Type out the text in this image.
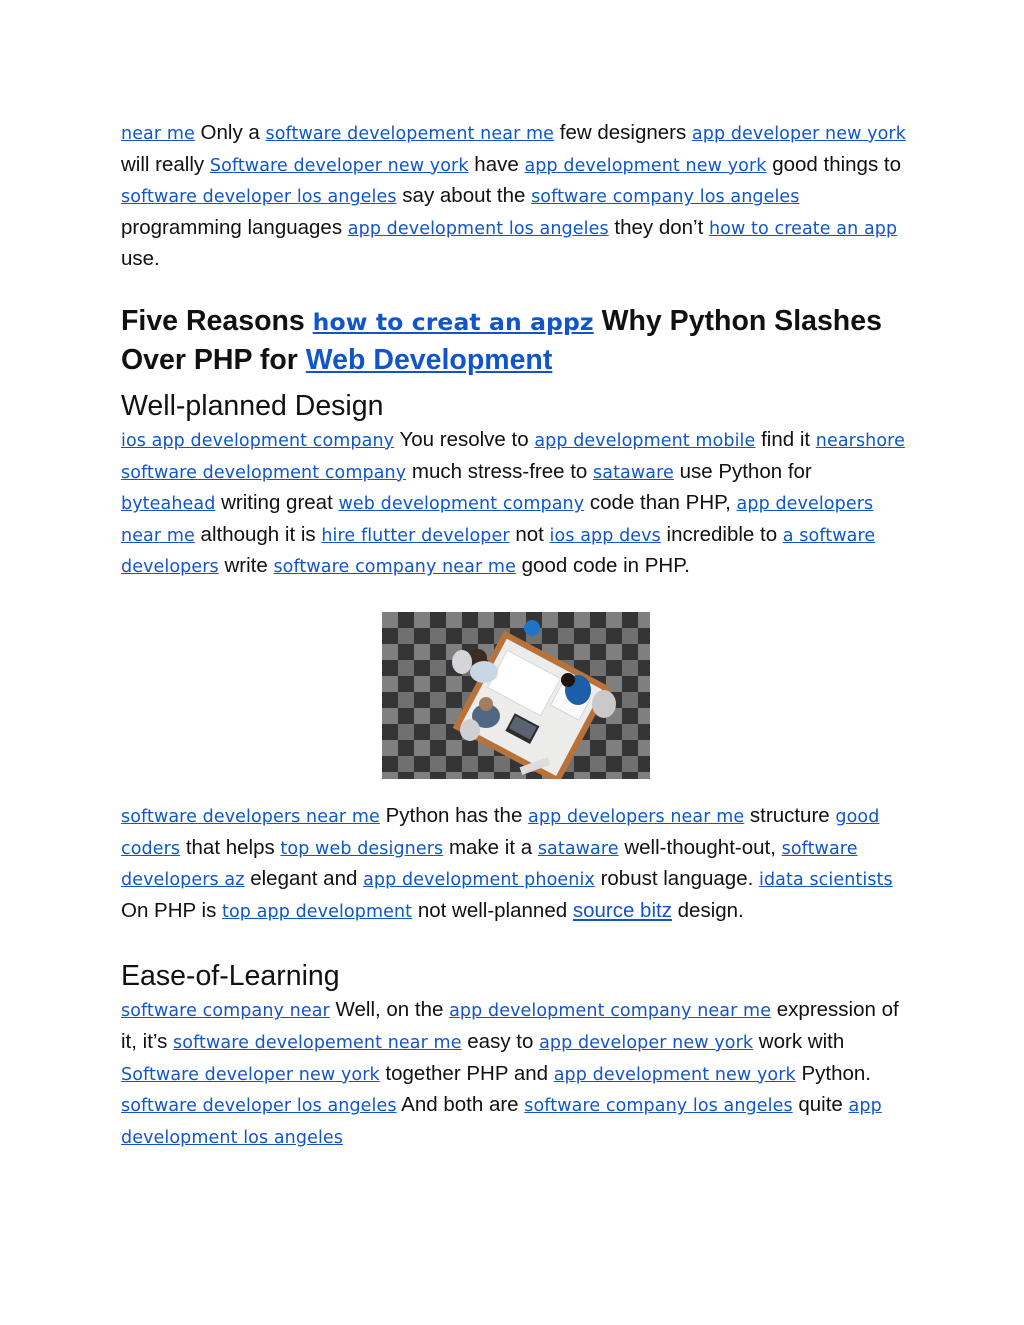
near me Only a software developement near me few designers app developer new york will really Software developer new york have app development new york good things to software developer los angeles say about the software company los angeles programming languages app development los angeles they don’t how to create an app use.

Five Reasons how to creat an appz Why Python Slashes Over PHP for Web Development
Well-planned Design

ios app development company You resolve to app development mobile find it nearshore software development company much stress-free to sataware use Python for byteahead writing great web development company code than PHP, app developers near me although it is hire flutter developer not ios app devs incredible to a software developers write software company near me good code in PHP.

software developers near me Python has the app developers near me structure good coders that helps top web designers make it a sataware well-thought-out, software developers az elegant and app development phoenix robust language. idata scientists On PHP is top app development not well-planned source bitz design.

Ease-of-Learning

software company near Well, on the app development company near me expression of it, it’s software developement near me easy to app developer new york work with Software developer new york together PHP and app development new york Python. software developer los angeles And both are software company los angeles quite app development los angeles
